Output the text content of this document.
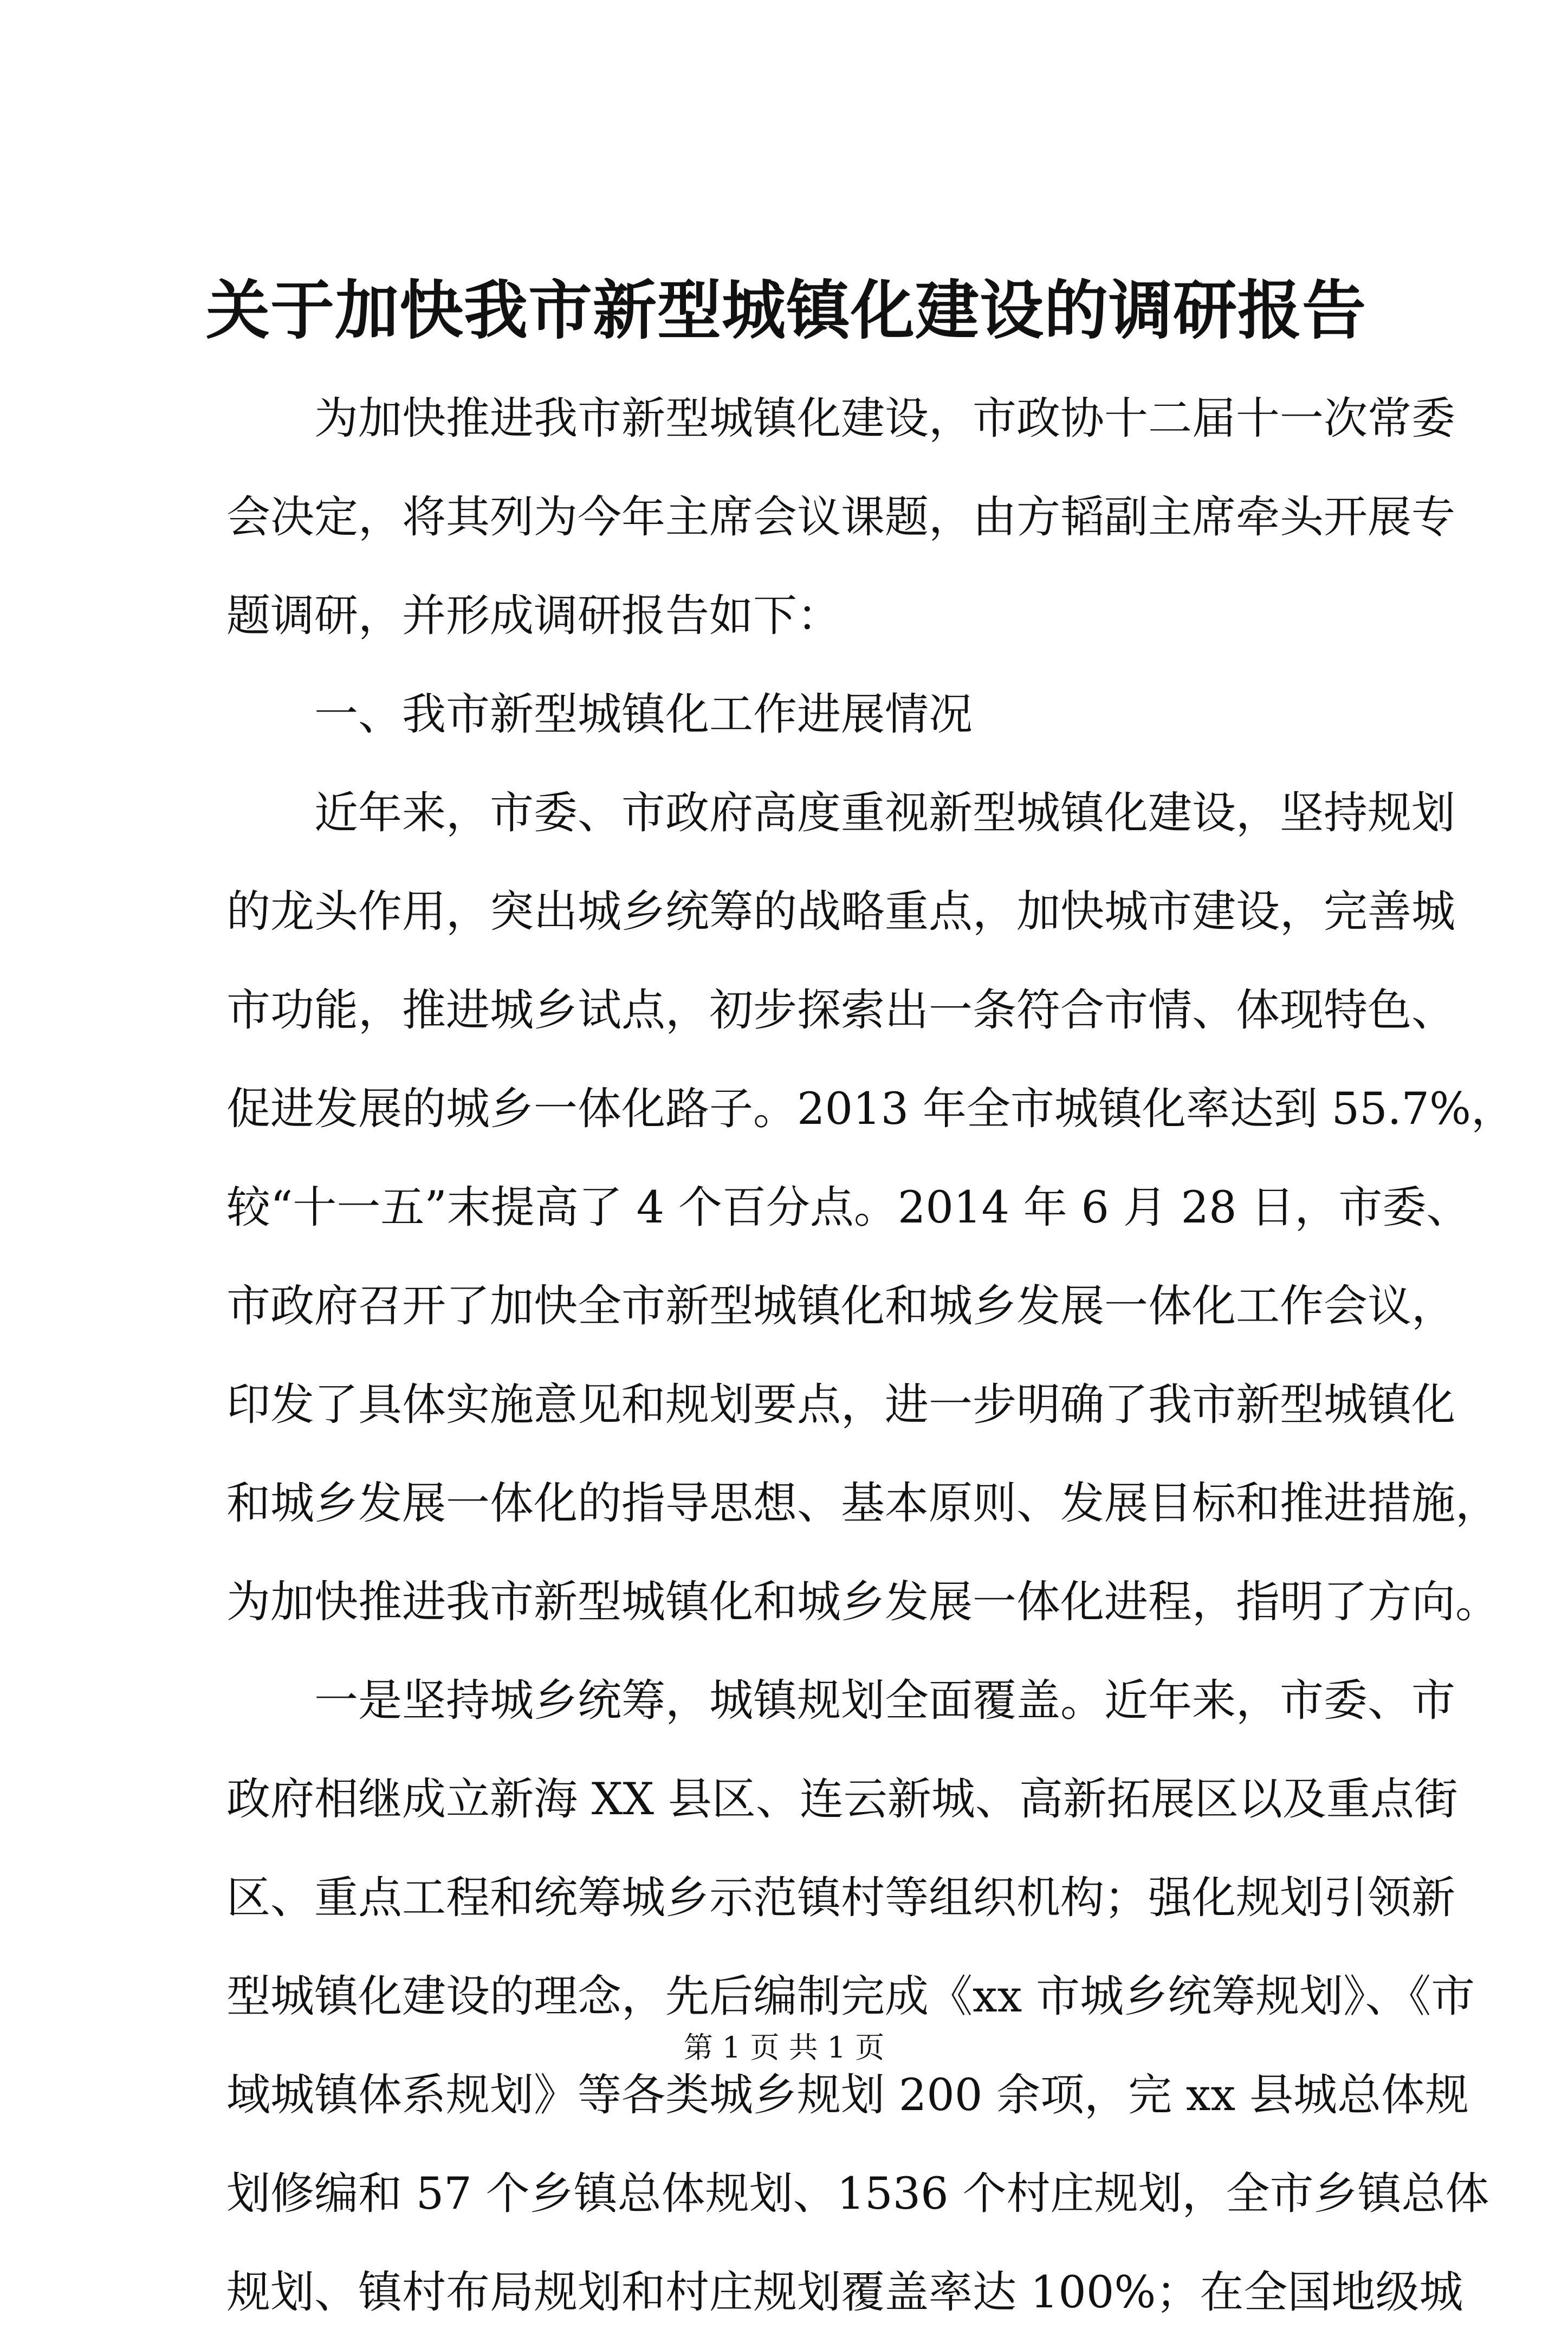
关于加快我市新型城镇化建设的调研报告
为加快推进我市新型城镇化建设，市政协十二届十一次常委
会决定，将其列为今年主席会议课题，由方韬副主席牵头开展专
题调研，并形成调研报告如下：
一、我市新型城镇化工作进展情况
近年来，市委、市政府高度重视新型城镇化建设，坚持规划
的龙头作用，突出城乡统筹的战略重点，加快城市建设，完善城
市功能，推进城乡试点，初步探索出一条符合市情、体现特色、
促进发展的城乡一体化路子。2013 年全市城镇化率达到 55.7%，
较“十一五”末提高了 4 个百分点。2014 年 6 月 28 日，市委、
市政府召开了加快全市新型城镇化和城乡发展一体化工作会议，
印发了具体实施意见和规划要点，进一步明确了我市新型城镇化
和城乡发展一体化的指导思想、基本原则、发展目标和推进措施，
为加快推进我市新型城镇化和城乡发展一体化进程，指明了方向。
一是坚持城乡统筹，城镇规划全面覆盖。近年来，市委、市
政府相继成立新海 XX 县区、连云新城、高新拓展区以及重点街
区、重点工程和统筹城乡示范镇村等组织机构；强化规划引领新
型城镇化建设的理念，先后编制完成《xx 市城乡统筹规划》、《市
域城镇体系规划》等各类城乡规划 200 余项，完 xx 县城总体规
划修编和 57 个乡镇总体规划、1536 个村庄规划，全市乡镇总体
规划、镇村布局规划和村庄规划覆盖率达 100%；在全国地级城
第 1 页 共 1 页
